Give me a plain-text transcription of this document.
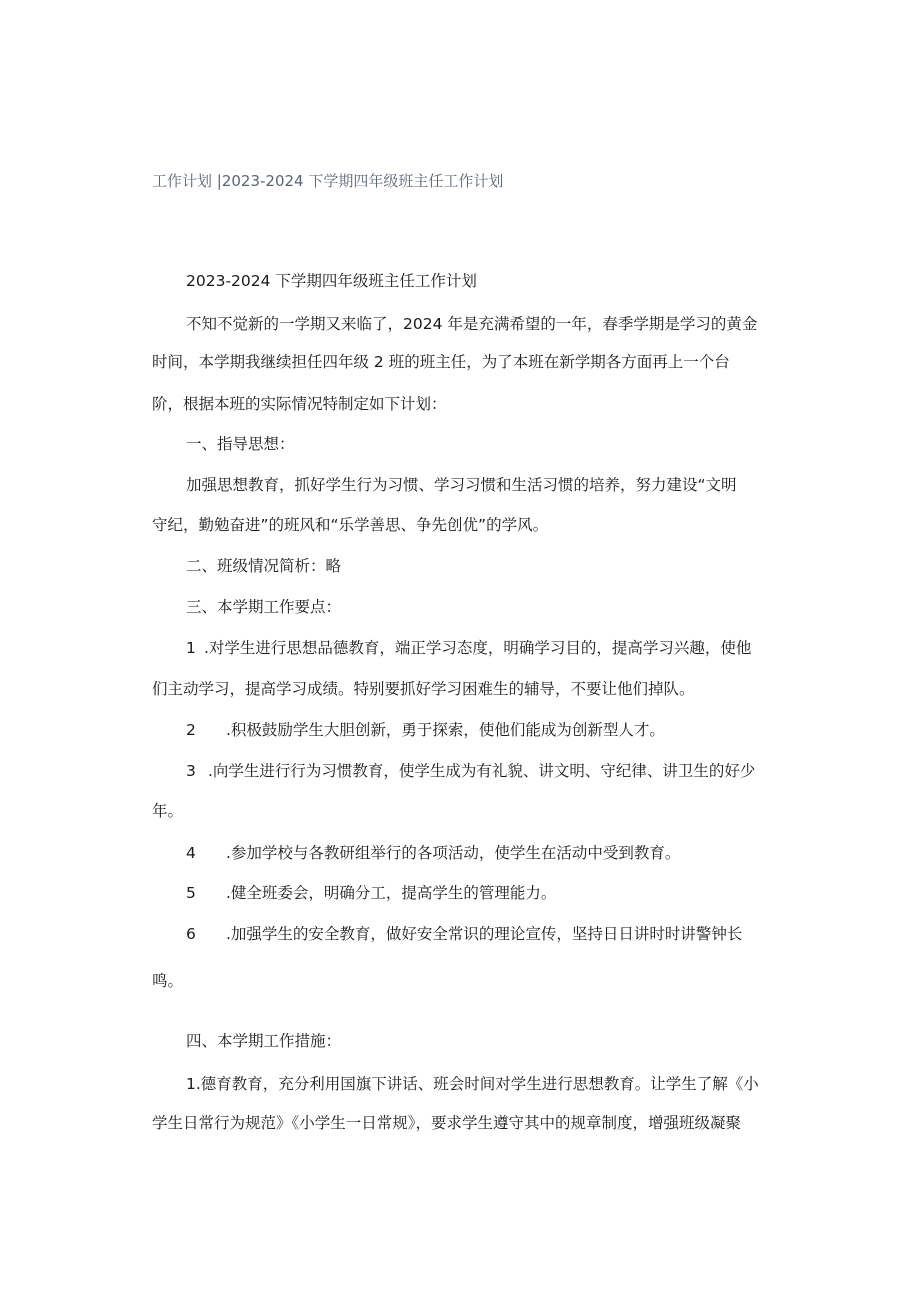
工作计划 |2023-2024 下学期四年级班主任工作计划
2023-2024 下学期四年级班主任工作计划
不知不觉新的一学期又来临了，2024 年是充满希望的一年，春季学期是学习的黄金
时间，本学期我继续担任四年级 2 班的班主任，为了本班在新学期各方面再上一个台
阶，根据本班的实际情况特制定如下计划：
一、指导思想：
加强思想教育，抓好学生行为习惯、学习习惯和生活习惯的培养，努力建设“文明
守纪，勤勉奋进”的班风和“乐学善思、争先创优”的学风。
二、班级情况简析：略
三、本学期工作要点：
1 .对学生进行思想品德教育，端正学习态度，明确学习目的，提高学习兴趣，使他
们主动学习，提高学习成绩。特别要抓好学习困难生的辅导，不要让他们掉队。
2 .积极鼓励学生大胆创新，勇于探索，使他们能成为创新型人才。
3 .向学生进行行为习惯教育，使学生成为有礼貌、讲文明、守纪律、讲卫生的好少
年。
4 .参加学校与各教研组举行的各项活动，使学生在活动中受到教育。
5 .健全班委会，明确分工，提高学生的管理能力。
6 .加强学生的安全教育，做好安全常识的理论宣传，坚持日日讲时时讲警钟长
鸣。
四、本学期工作措施：
1.德育教育，充分利用国旗下讲话、班会时间对学生进行思想教育。让学生了解《小
学生日常行为规范》《小学生一日常规》，要求学生遵守其中的规章制度，增强班级凝聚
